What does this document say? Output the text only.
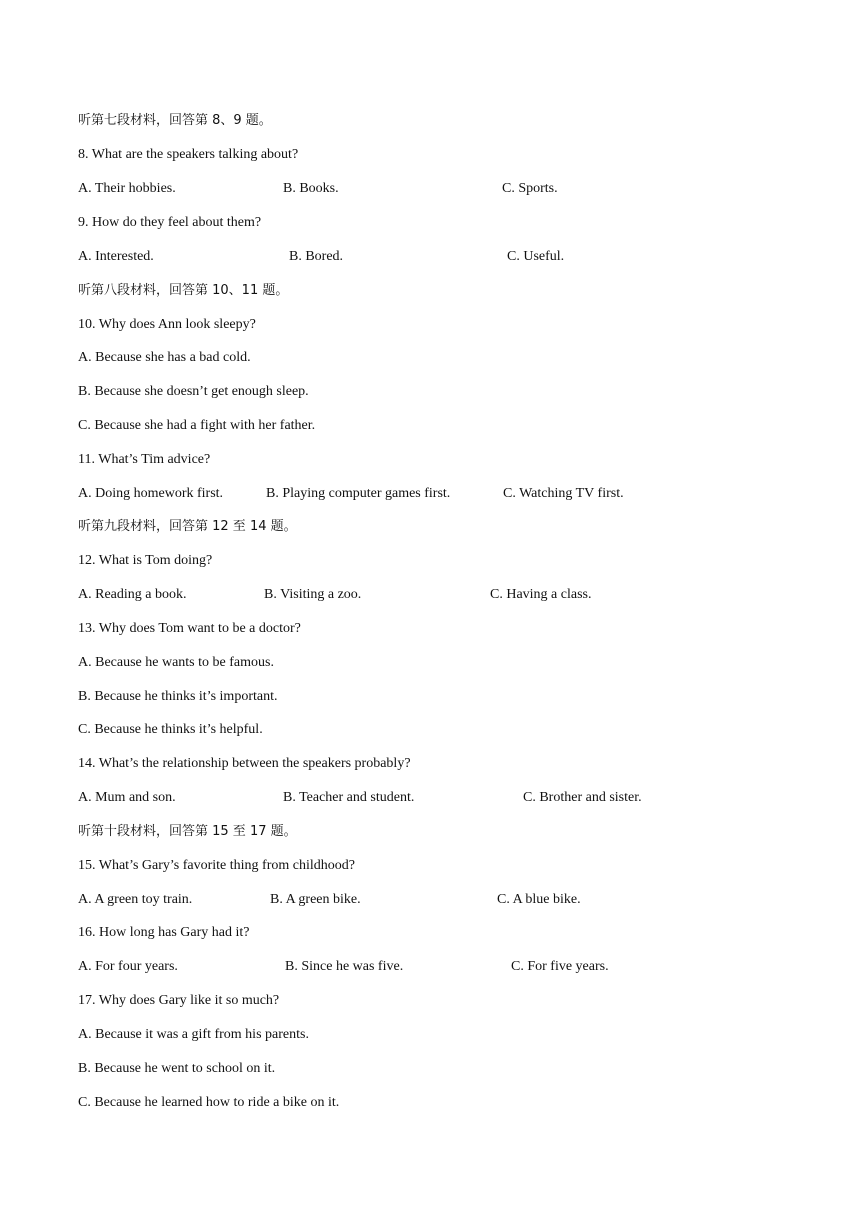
听第七段材料，回答第 8、9 题。
8. What are the speakers talking about?
A. Their hobbies.	B. Books.	C. Sports.
9. How do they feel about them?
A. Interested.	B. Bored.	C. Useful.
听第八段材料，回答第 10、11 题。
10. Why does Ann look sleepy?
A. Because she has a bad cold.
B. Because she doesn’t get enough sleep.
C. Because she had a fight with her father.
11. What’s Tim advice?
A. Doing homework first.	B. Playing computer games first.	C. Watching TV first.
听第九段材料，回答第 12 至 14 题。
12. What is Tom doing?
A. Reading a book.	B. Visiting a zoo.	C. Having a class.
13. Why does Tom want to be a doctor?
A. Because he wants to be famous.
B. Because he thinks it’s important.
C. Because he thinks it’s helpful.
14. What’s the relationship between the speakers probably?
A. Mum and son.	B. Teacher and student.	C. Brother and sister.
听第十段材料，回答第 15 至 17 题。
15. What’s Gary’s favorite thing from childhood?
A. A green toy train.	B. A green bike.	C. A blue bike.
16. How long has Gary had it?
A. For four years.	B. Since he was five.	C. For five years.
17. Why does Gary like it so much?
A. Because it was a gift from his parents.
B. Because he went to school on it.
C. Because he learned how to ride a bike on it.
